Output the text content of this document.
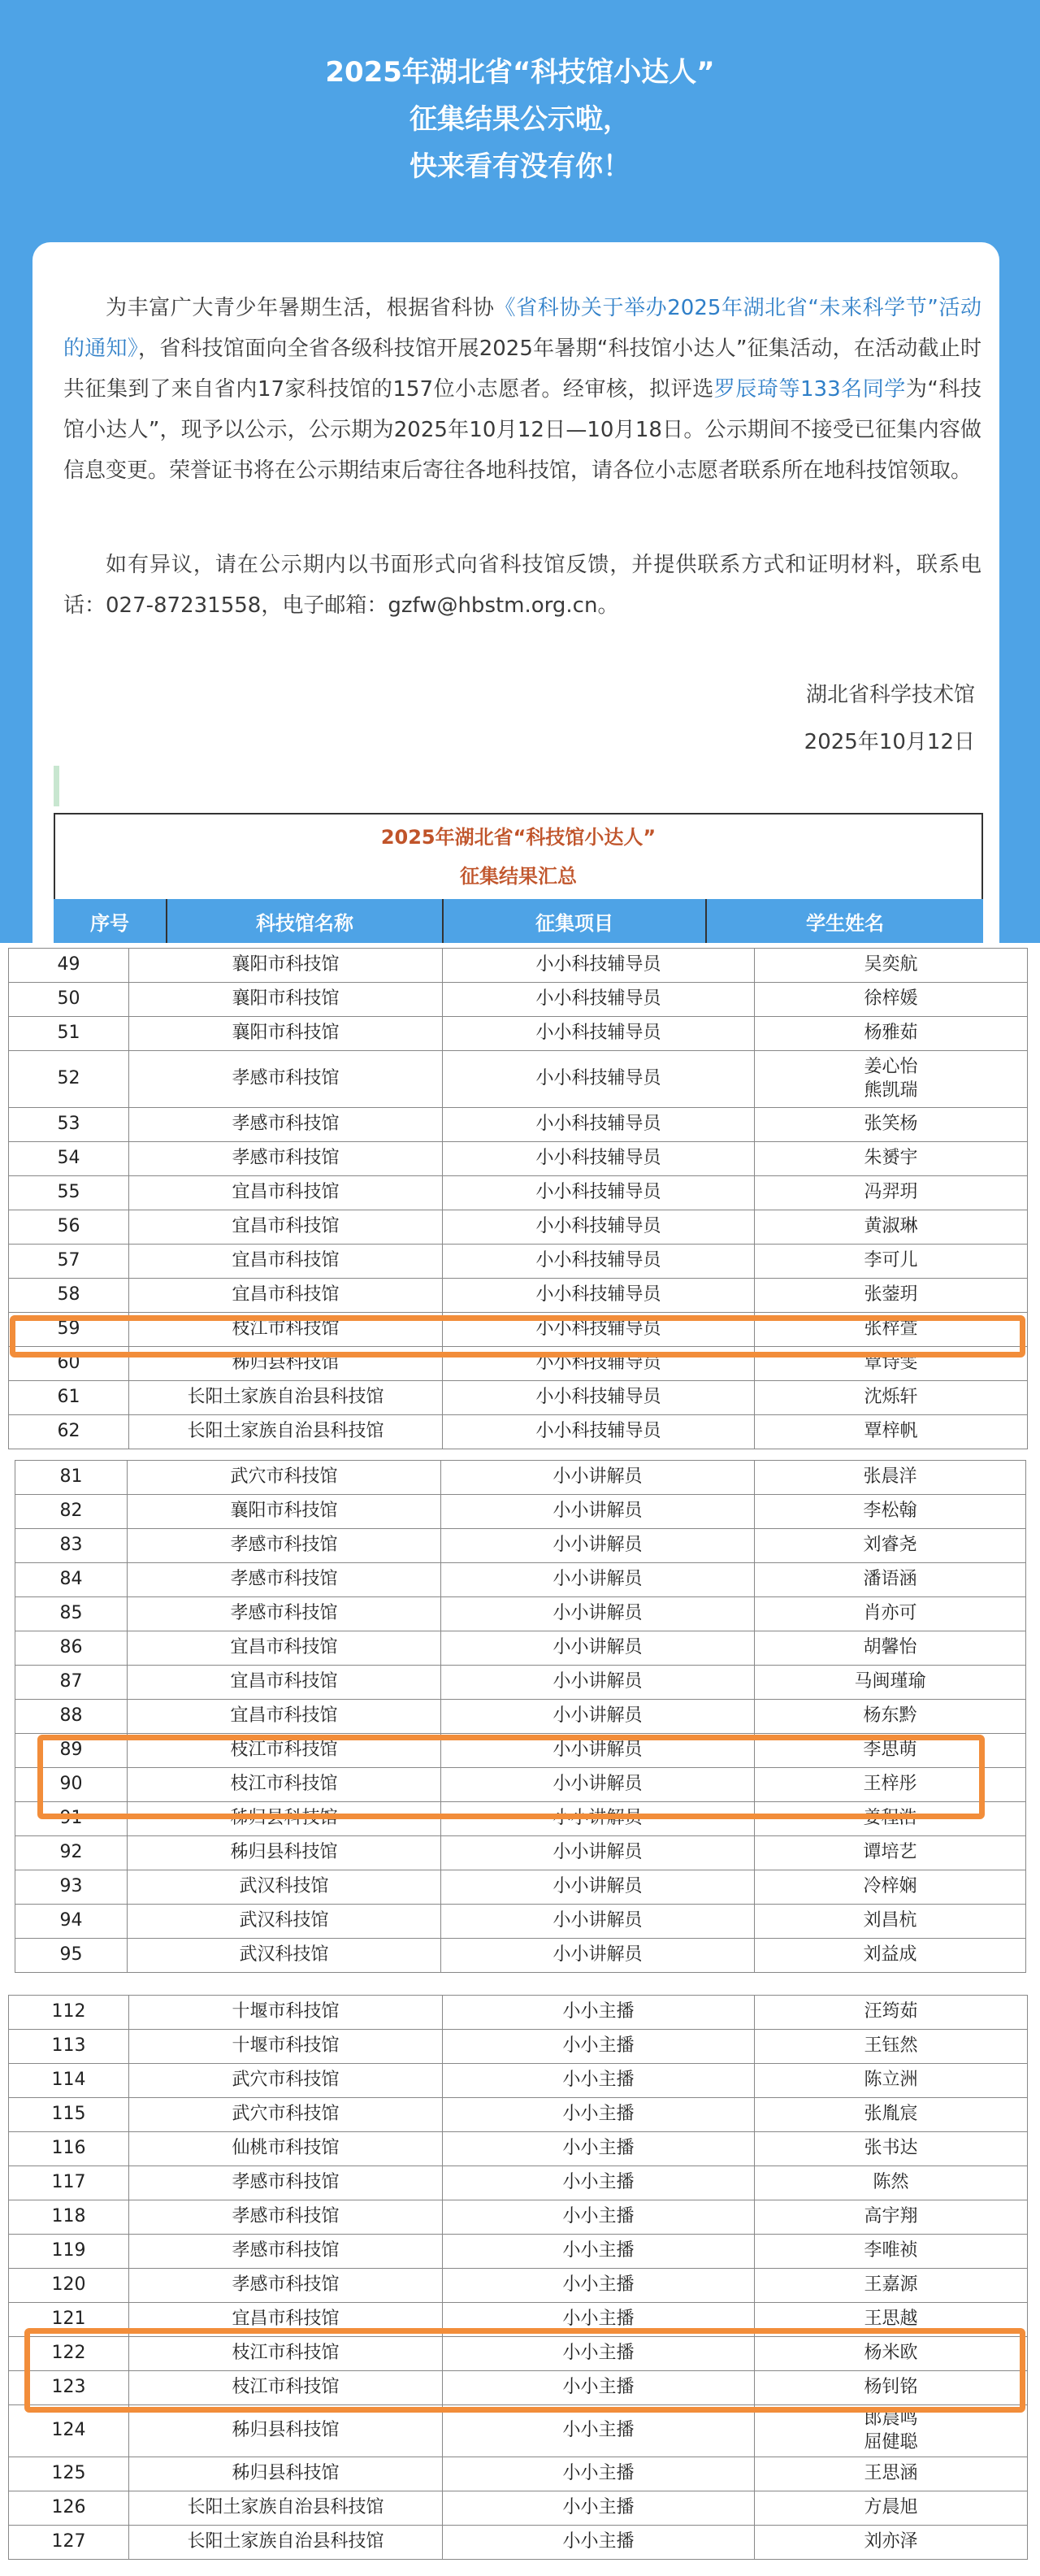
2025年湖北省“科技馆小达人”
征集结果公示啦，
快来看有没有你！

为丰富广大青少年暑期生活，根据省科协《省科协关于举办2025年湖北省“未来科学节”活动的通知》，省科技馆面向全省各级科技馆开展2025年暑期“科技馆小达人”征集活动，在活动截止时共征集到了来自省内17家科技馆的157位小志愿者。经审核，拟评选罗辰琦等133名同学为“科技馆小达人”，现予以公示，公示期为2025年10月12日—10月18日。公示期间不接受已征集内容做信息变更。荣誉证书将在公示期结束后寄往各地科技馆，请各位小志愿者联系所在地科技馆领取。

如有异议，请在公示期内以书面形式向省科技馆反馈，并提供联系方式和证明材料，联系电话：027-87231558，电子邮箱：gzfw@hbstm.org.cn。

湖北省科学技术馆
2025年10月12日
2025年湖北省“科技馆小达人”
征集结果汇总
序号	科技馆名称	征集项目	学生姓名
49	襄阳市科技馆	小小科技辅导员	吴奕航
50	襄阳市科技馆	小小科技辅导员	徐梓媛
51	襄阳市科技馆	小小科技辅导员	杨雅茹
52	孝感市科技馆	小小科技辅导员	姜心怡
熊凯瑞
53	孝感市科技馆	小小科技辅导员	张笑杨
54	孝感市科技馆	小小科技辅导员	朱赟宇
55	宜昌市科技馆	小小科技辅导员	冯羿玥
56	宜昌市科技馆	小小科技辅导员	黄淑琳
57	宜昌市科技馆	小小科技辅导员	李可儿
58	宜昌市科技馆	小小科技辅导员	张蓥玥
59	枝江市科技馆	小小科技辅导员	张梓萱
60	秭归县科技馆	小小科技辅导员	覃诗雯
61	长阳土家族自治县科技馆	小小科技辅导员	沈烁轩
62	长阳土家族自治县科技馆	小小科技辅导员	覃梓帆
81	武穴市科技馆	小小讲解员	张晨洋
82	襄阳市科技馆	小小讲解员	李松翰
83	孝感市科技馆	小小讲解员	刘睿尧
84	孝感市科技馆	小小讲解员	潘语涵
85	孝感市科技馆	小小讲解员	肖亦可
86	宜昌市科技馆	小小讲解员	胡馨怡
87	宜昌市科技馆	小小讲解员	马闽瑾瑜
88	宜昌市科技馆	小小讲解员	杨东黔
89	枝江市科技馆	小小讲解员	李思萌
90	枝江市科技馆	小小讲解员	王梓彤
91	秭归县科技馆	小小讲解员	姜程浩
92	秭归县科技馆	小小讲解员	谭培艺
93	武汉科技馆	小小讲解员	冷梓娴
94	武汉科技馆	小小讲解员	刘昌杭
95	武汉科技馆	小小讲解员	刘益成
112	十堰市科技馆	小小主播	汪筠茹
113	十堰市科技馆	小小主播	王钰然
114	武穴市科技馆	小小主播	陈立洲
115	武穴市科技馆	小小主播	张胤宸
116	仙桃市科技馆	小小主播	张书达
117	孝感市科技馆	小小主播	陈然
118	孝感市科技馆	小小主播	高宇翔
119	孝感市科技馆	小小主播	李唯祯
120	孝感市科技馆	小小主播	王嘉源
121	宜昌市科技馆	小小主播	王思越
122	枝江市科技馆	小小主播	杨米欧
123	枝江市科技馆	小小主播	杨钊铭
124	秭归县科技馆	小小主播	郎晨鸣
屈健聪
125	秭归县科技馆	小小主播	王思涵
126	长阳土家族自治县科技馆	小小主播	方晨旭
127	长阳土家族自治县科技馆	小小主播	刘亦泽
